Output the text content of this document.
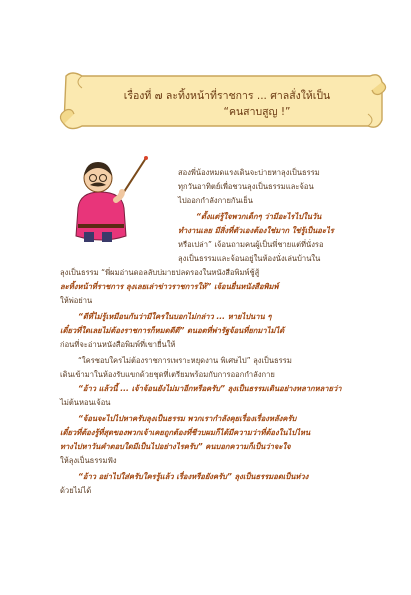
เรื่องที่ ๗ ละทิ้งหน้าที่ราชการ ... ศาลสั่งให้เป็น
“คนสาบสูญ !”
สองพี่น้องหมดแรงเดินจะบ่ายหาลุงเป็นธรรม
ทุกวันอาทิตย์เพื่อชวนลุงเป็นธรรมและจ้อน
ไปออกกำลังกายกันเย็น
“ตั้งแต่รู้ใจพวกเด็กๆ ว่ามีอะไรไปในวัน
ทำงานเลย มีสิ่งที่ตัวเองต้องใช่มาก ใช่รู้เป็นอะไร
หรือเปล่า” เจ้อนถามคนผู้เป็นพี่ชายแต่ที่นั่งรอ
ลุงเป็นธรรมและจ้อนอยู่ในห้องนั่งเล่นบ้านใน
ลุงเป็นธรรม “พี่ผมอ่านดอลลับบ่มายปลดรองในหนังสือพิมพ์ชู้สู้
ละทิ้งหน้าที่ราชการ ลุงเลยเล่าข่าวราชการให้” เจ้อนยื่นหนังสือพิมพ์
ให้พ่อย่าน
“ดีที่ไม่รู้เหมือนกันว่ามีใครในบอกไม่กล่าว ... หายไปนาน ๆ
เดี๋ยวที่ใดเลยไม่ต้องราชการก็หมดดีดี” ดนอตที่พ่ารัฐจ้อนที่ยกมาไม่ได้
ก่อนที่จะอ่านหนังสือพิมพ์ที่เขายื่นให้
“ใครชอบใครไม่ต้องราชการเพราะหยุดงาน พิเศษไป” ลุงเป็นธรรม
เดินเข้ามาในห้องรับแขกด้วยชุดที่เตรียมพร้อมกับการออกกำลังกาย
“อ้าว แล้วนี้ ... เจ้าจ้อนยังไม่มาอีกหรือครับ” ลุงเป็นธรรมเดินอย่างหลากหลายว่า
ไม่ต้นหอนเจ้อน
“จ้อนจะไปไปหาครับลุงเป็นธรรม พวกเรากำลังคุยเรื่องเรื่องหลังครับ
เดี๋ยวที่ต้องรู้ที่สุดของพวกเจ้าเคยถูกต้องที่ชีวบผมก็ได้มีความว่าที่ต้องในไปไหน
ทางไปหาวันคำตอบใดมีเป็นไปอย่างไรครับ” คนบอกความก็เป็นว่าจะใจ
ให้ลุงเป็นธรรมฟัง
“อ้าว อย่าไปใส่ครับใครรู้แล้ว เรื่องหรือยังครับ” ลุงเป็นธรรมอดเป็นห่วง
ด้วยไม่ได้
